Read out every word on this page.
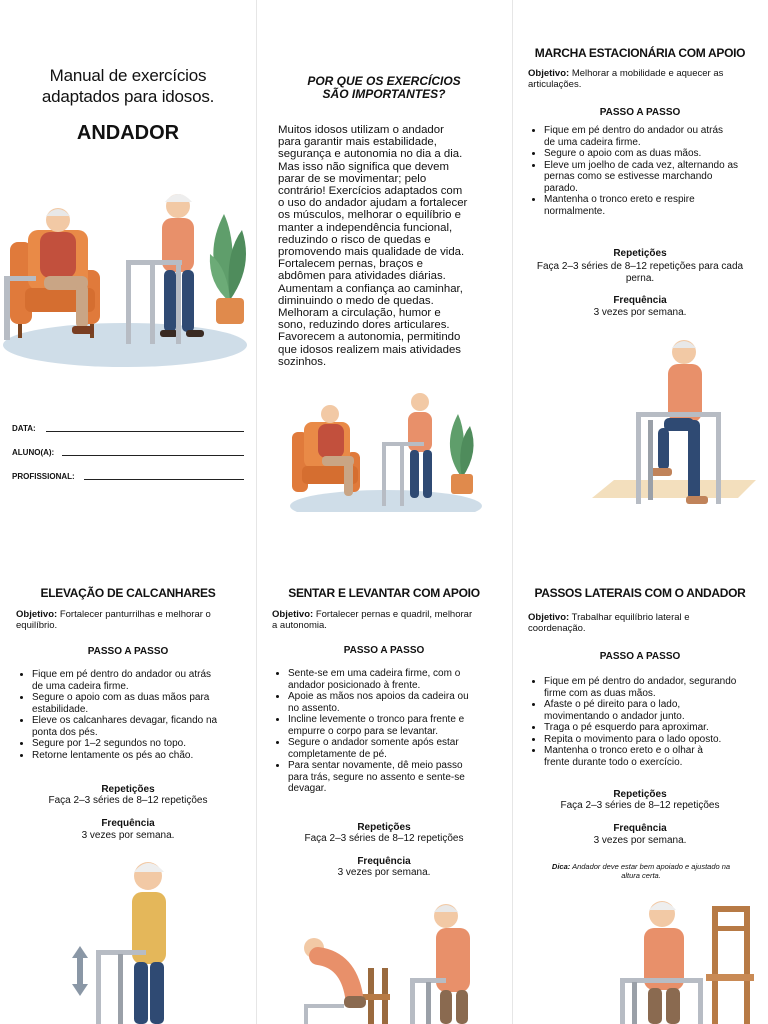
Manual de exercícios
adaptados para idosos.
ANDADOR
DATA:
ALUNO(A):
PROFISSIONAL:
POR QUE OS EXERCÍCIOS
SÃO IMPORTANTES?
Muitos idosos utilizam o andador
para garantir mais estabilidade,
segurança e autonomia no dia a dia.
Mas isso não significa que devem
parar de se movimentar; pelo
contrário! Exercícios adaptados com
o uso do andador ajudam a fortalecer
os músculos, melhorar o equilíbrio e
manter a independência funcional,
reduzindo o risco de quedas e
promovendo mais qualidade de vida.
Fortalecem pernas, braços e
abdômen para atividades diárias.
Aumentam a confiança ao caminhar,
diminuindo o medo de quedas.
Melhoram a circulação, humor e
sono, reduzindo dores articulares.
Favorecem a autonomia, permitindo
que idosos realizem mais atividades
sozinhos.
MARCHA ESTACIONÁRIA COM APOIO
Objetivo: Melhorar a mobilidade e aquecer as
articulações.
PASSO A PASSO
• Fique em pé dentro do andador ou atrás
de uma cadeira firme.
• Segure o apoio com as duas mãos.
• Eleve um joelho de cada vez, alternando as
pernas como se estivesse marchando
parado.
• Mantenha o tronco ereto e respire
normalmente.
Repetições
Faça 2–3 séries de 8–12 repetições para cada
perna.
Frequência
3 vezes por semana.
ELEVAÇÃO DE CALCANHARES
Objetivo: Fortalecer panturrilhas e melhorar o
equilíbrio.
PASSO A PASSO
• Fique em pé dentro do andador ou atrás
de uma cadeira firme.
• Segure o apoio com as duas mãos para
estabilidade.
• Eleve os calcanhares devagar, ficando na
ponta dos pés.
• Segure por 1–2 segundos no topo.
• Retorne lentamente os pés ao chão.
Repetições
Faça 2–3 séries de 8–12 repetições
Frequência
3 vezes por semana.
SENTAR E LEVANTAR COM APOIO
Objetivo: Fortalecer pernas e quadril, melhorar
a autonomia.
PASSO A PASSO
• Sente-se em uma cadeira firme, com o
andador posicionado à frente.
• Apoie as mãos nos apoios da cadeira ou
no assento.
• Incline levemente o tronco para frente e
empurre o corpo para se levantar.
• Segure o andador somente após estar
completamente de pé.
• Para sentar novamente, dê meio passo
para trás, segure no assento e sente-se
devagar.
Repetições
Faça 2–3 séries de 8–12 repetições
Frequência
3 vezes por semana.
PASSOS LATERAIS COM O ANDADOR
Objetivo: Trabalhar equilíbrio lateral e
coordenação.
PASSO A PASSO
• Fique em pé dentro do andador, segurando
firme com as duas mãos.
• Afaste o pé direito para o lado,
movimentando o andador junto.
• Traga o pé esquerdo para aproximar.
• Repita o movimento para o lado oposto.
• Mantenha o tronco ereto e o olhar à
frente durante todo o exercício.
Repetições
Faça 2–3 séries de 8–12 repetições
Frequência
3 vezes por semana.
Dica: Andador deve estar bem apoiado e ajustado na
altura certa.
